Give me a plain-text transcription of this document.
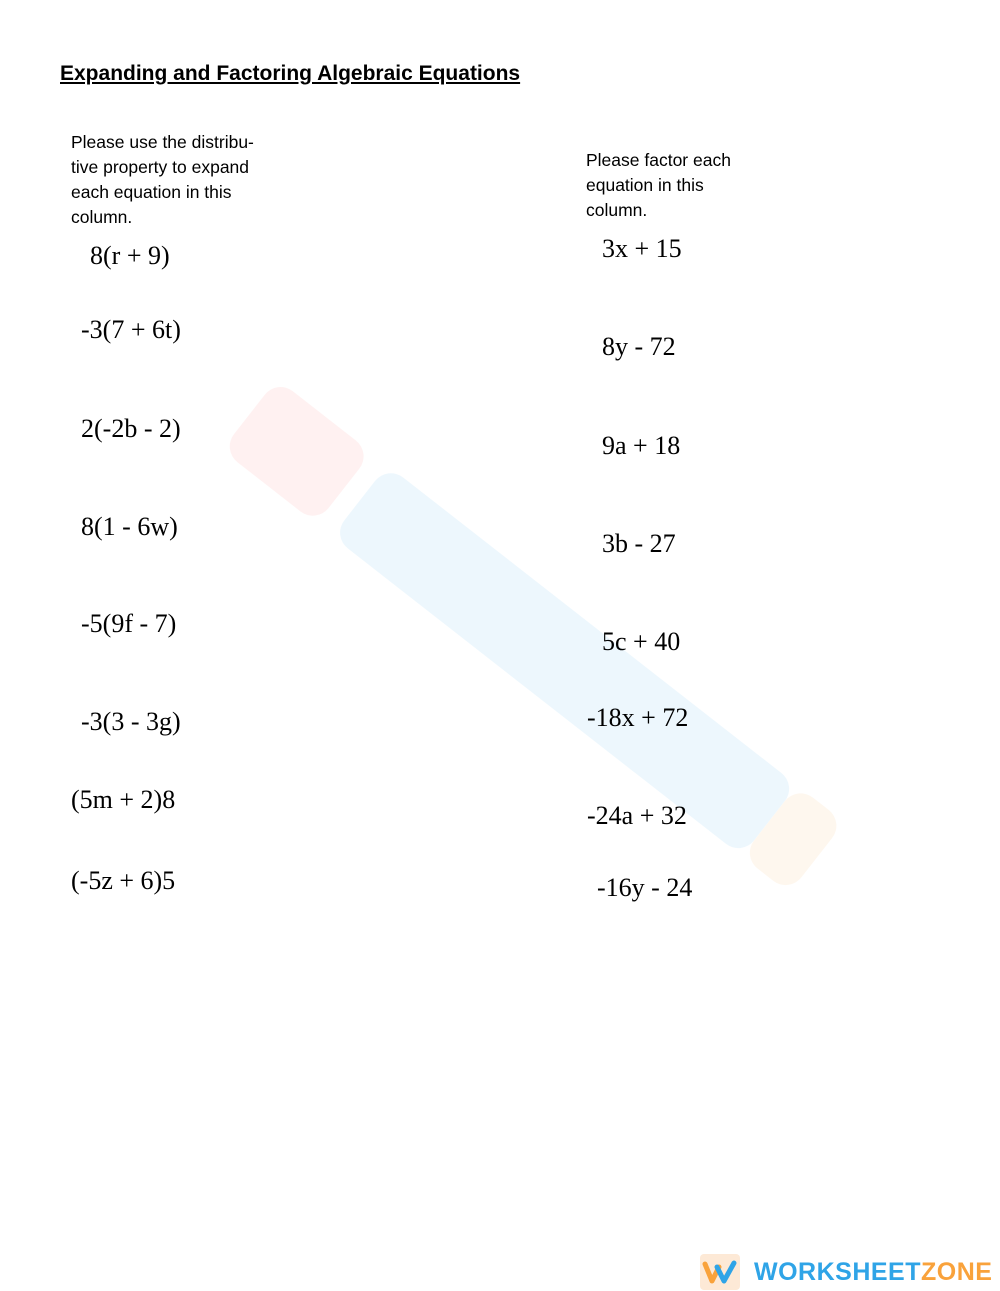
Expanding and Factoring Algebraic Equations
Please use the distribu-
tive property to expand
each equation in this
column.
Please factor each
equation in this
column.
8(r + 9)
-3(7 + 6t)
2(-2b - 2)
8(1 - 6w)
-5(9f - 7)
-3(3 - 3g)
(5m + 2)8
(-5z + 6)5
3x + 15
8y - 72
9a + 18
3b - 27
5c + 40
-18x + 72
-24a + 32
-16y - 24
WORKSHEETZONE
